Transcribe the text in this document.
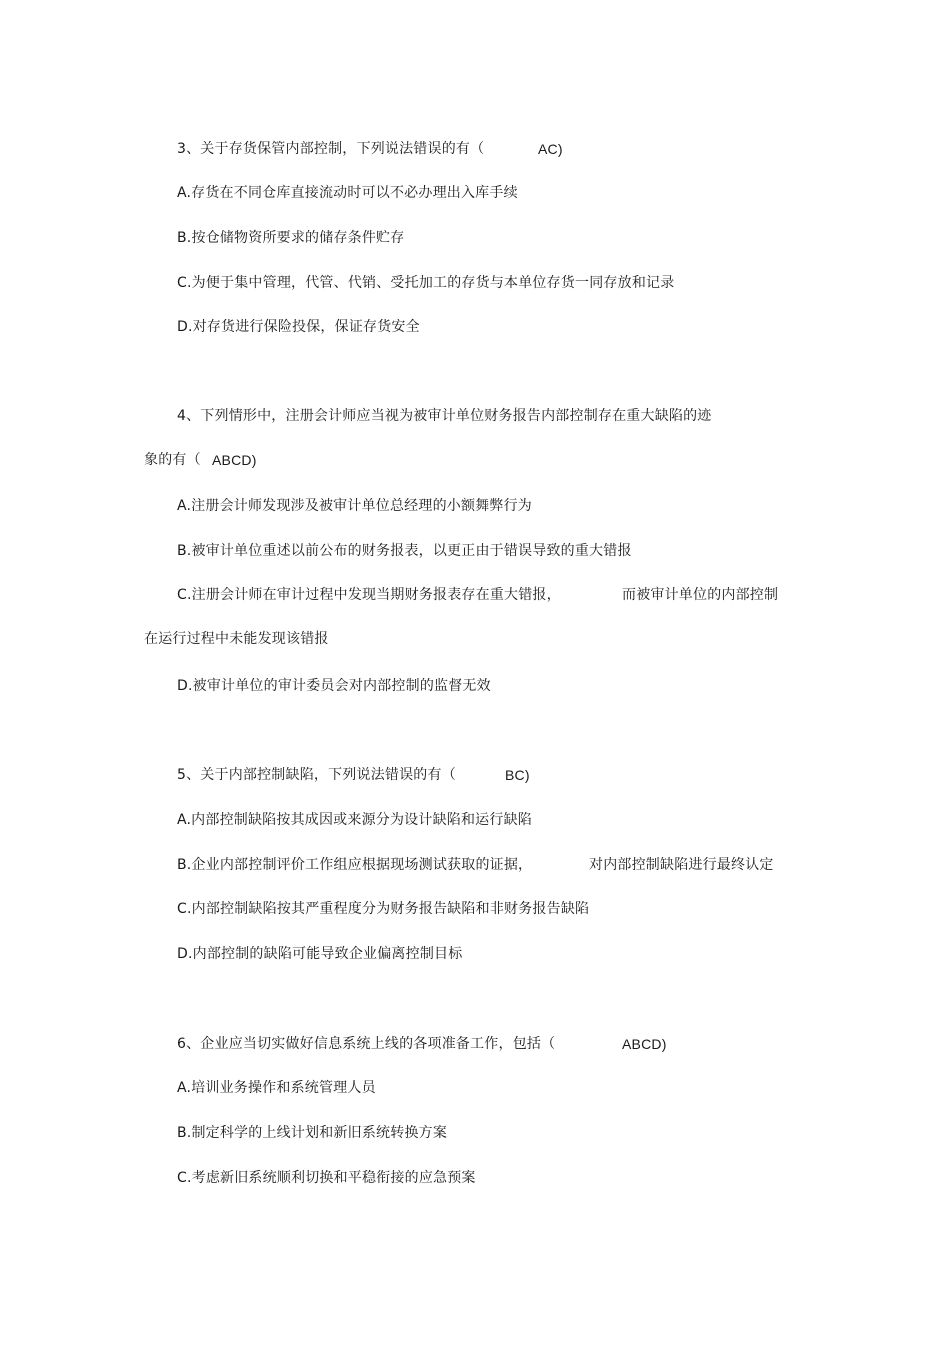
3、关于存货保管内部控制，下列说法错误的有（	AC)
A.存货在不同仓库直接流动时可以不必办理出入库手续
B.按仓储物资所要求的储存条件贮存
C.为便于集中管理，代管、代销、受托加工的存货与本单位存货一同存放和记录
D.对存货进行保险投保，保证存货安全
4、下列情形中，注册会计师应当视为被审计单位财务报告内部控制存在重大缺陷的迹
象的有（ ABCD)
A.注册会计师发现涉及被审计单位总经理的小额舞弊行为
B.被审计单位重述以前公布的财务报表，以更正由于错误导致的重大错报
C.注册会计师在审计过程中发现当期财务报表存在重大错报，	而被审计单位的内部控制
在运行过程中未能发现该错报
D.被审计单位的审计委员会对内部控制的监督无效
5、关于内部控制缺陷，下列说法错误的有（	BC)
A.内部控制缺陷按其成因或来源分为设计缺陷和运行缺陷
B.企业内部控制评价工作组应根据现场测试获取的证据，	对内部控制缺陷进行最终认定
C.内部控制缺陷按其严重程度分为财务报告缺陷和非财务报告缺陷
D.内部控制的缺陷可能导致企业偏离控制目标
6、企业应当切实做好信息系统上线的各项准备工作，包括（	ABCD)
A.培训业务操作和系统管理人员
B.制定科学的上线计划和新旧系统转换方案
C.考虑新旧系统顺利切换和平稳衔接的应急预案
